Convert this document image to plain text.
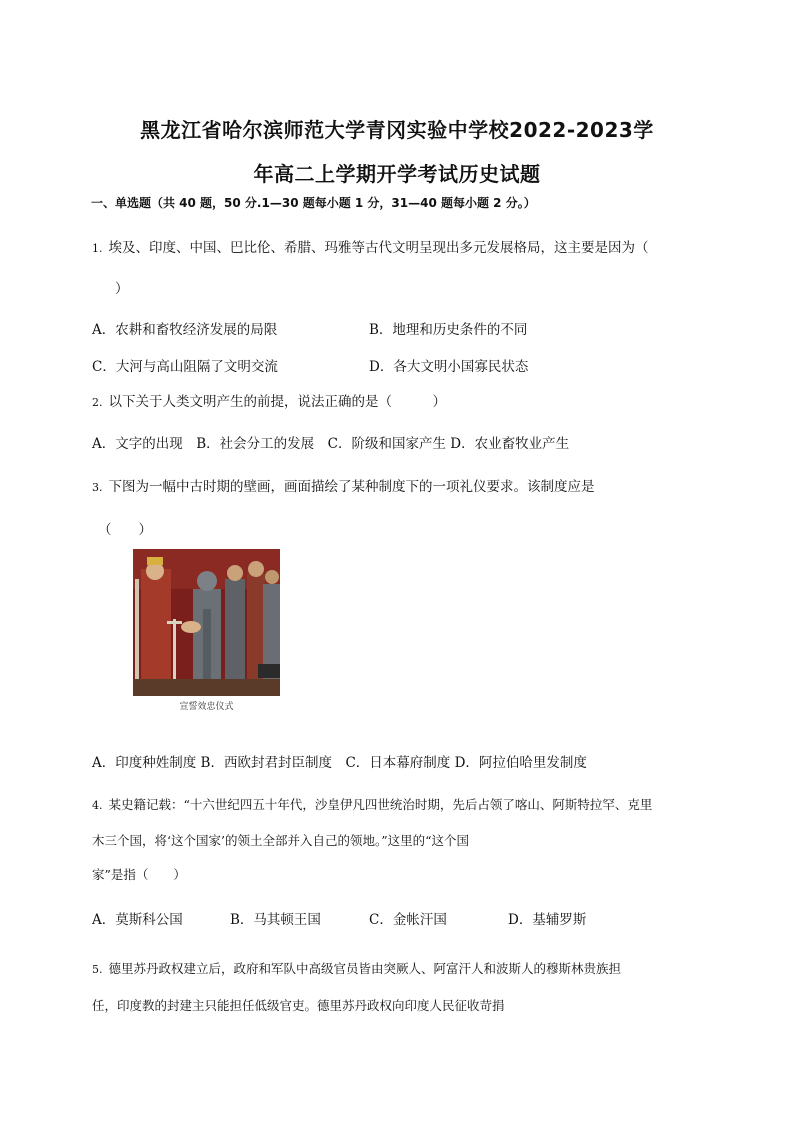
黑龙江省哈尔滨师范大学青冈实验中学校2022-2023学
年高二上学期开学考试历史试题
一、单选题（共 40 题，50 分.1—30 题每小题 1 分，31—40 题每小题 2 分。）
1. 埃及、印度、中国、巴比伦、希腊、玛雅等古代文明呈现出多元发展格局，这主要是因为（
）
A．农耕和畜牧经济发展的局限	B．地理和历史条件的不同
C．大河与高山阻隔了文明交流	D．各大文明小国寡民状态
2. 以下关于人类文明产生的前提，说法正确的是（　　　）
A．文字的出现　B．社会分工的发展　C．阶级和国家产生 D．农业畜牧业产生
3. 下图为一幅中古时期的壁画，画面描绘了某种制度下的一项礼仪要求。该制度应是
（　　）
宣誓效忠仪式
A．印度种姓制度 B．西欧封君封臣制度　C．日本幕府制度 D．阿拉伯哈里发制度
4. 某史籍记载：“十六世纪四五十年代，沙皇伊凡四世统治时期，先后占领了喀山、阿斯特拉罕、克里
木三个国，将‘这个国家’的领土全部并入自己的领地。”这里的“这个国
家”是指（　　）
A．莫斯科公国	B．马其顿王国	C．金帐汗国	D．基辅罗斯
5. 德里苏丹政权建立后，政府和军队中高级官员皆由突厥人、阿富汗人和波斯人的穆斯林贵族担
任，印度教的封建主只能担任低级官吏。德里苏丹政权向印度人民征收苛捐
